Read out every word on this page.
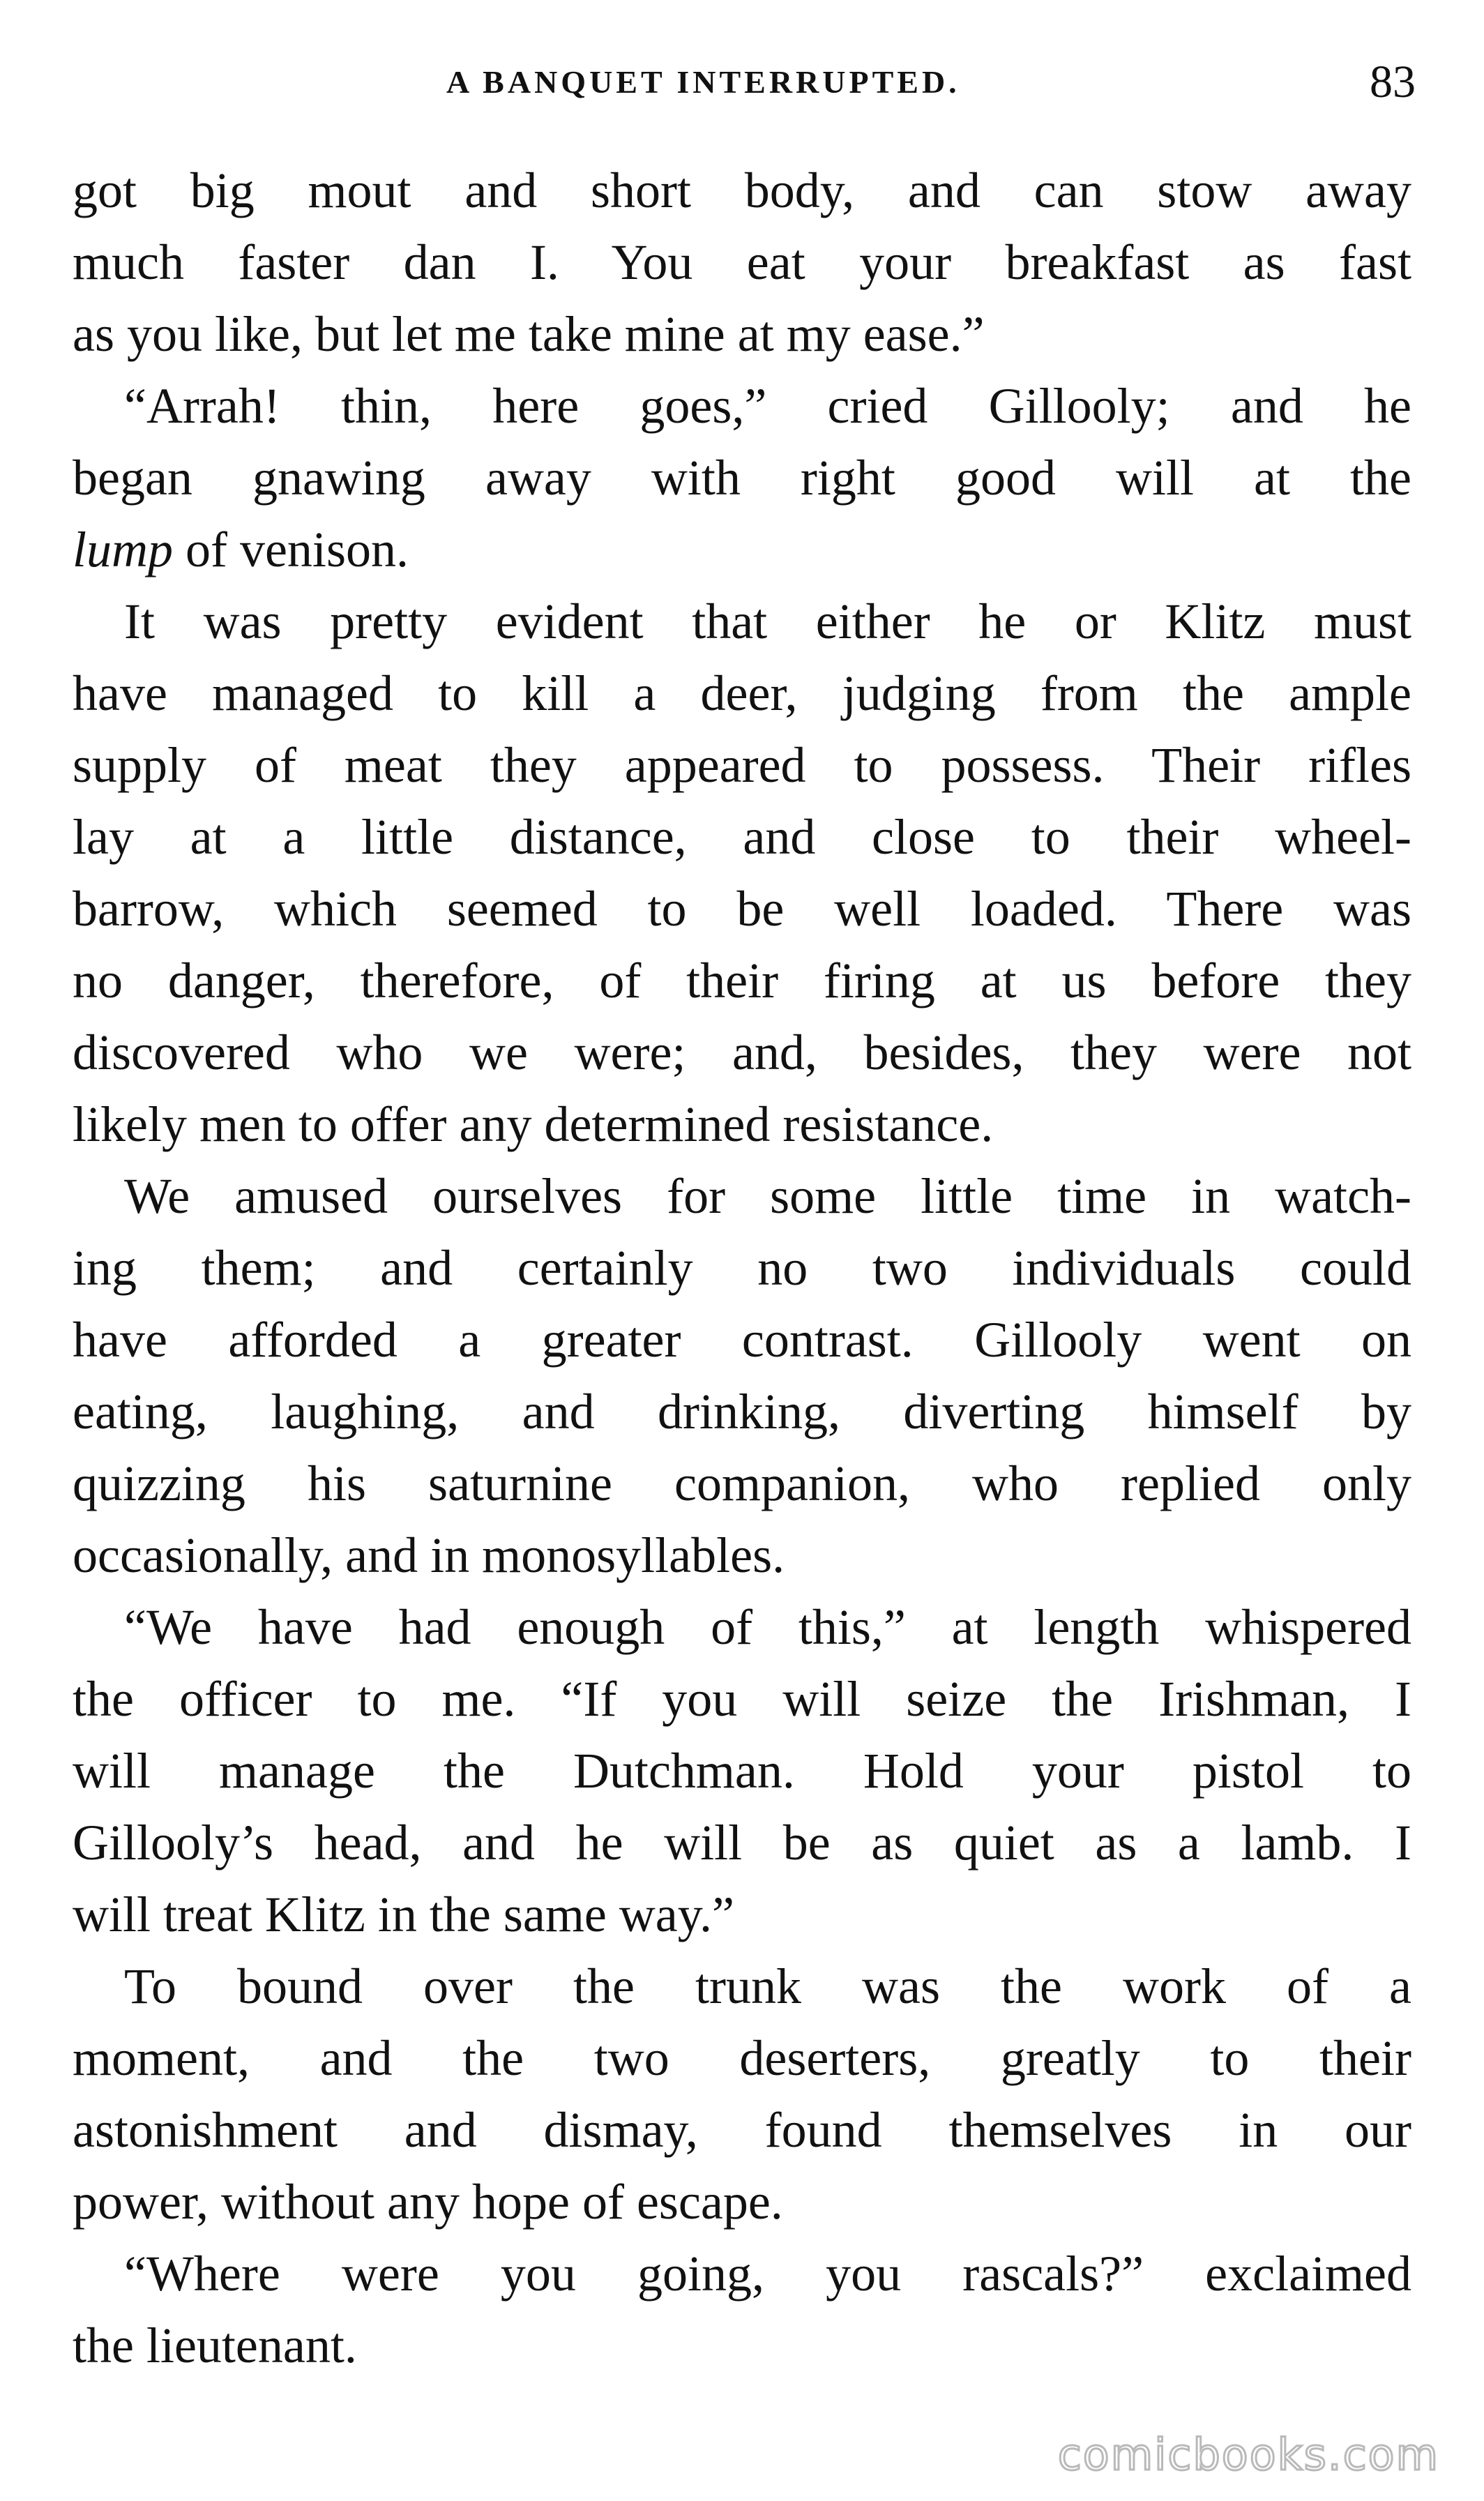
A BANQUET INTERRUPTED.	83
got big mout and short body, and can stow away
much faster dan I. You eat your breakfast as fast
as you like, but let me take mine at my ease.”
“Arrah! thin, here goes,” cried Gillooly; and he
began gnawing away with right good will at the
lump of venison.
It was pretty evident that either he or Klitz must
have managed to kill a deer, judging from the ample
supply of meat they appeared to possess. Their rifles
lay at a little distance, and close to their wheel-
barrow, which seemed to be well loaded. There was
no danger, therefore, of their firing at us before they
discovered who we were; and, besides, they were not
likely men to offer any determined resistance.
We amused ourselves for some little time in watch-
ing them; and certainly no two individuals could
have afforded a greater contrast. Gillooly went on
eating, laughing, and drinking, diverting himself by
quizzing his saturnine companion, who replied only
occasionally, and in monosyllables.
“We have had enough of this,” at length whispered
the officer to me. “If you will seize the Irishman, I
will manage the Dutchman. Hold your pistol to
Gillooly’s head, and he will be as quiet as a lamb. I
will treat Klitz in the same way.”
To bound over the trunk was the work of a
moment, and the two deserters, greatly to their
astonishment and dismay, found themselves in our
power, without any hope of escape.
“Where were you going, you rascals?” exclaimed
the lieutenant.
comicbooks.com
